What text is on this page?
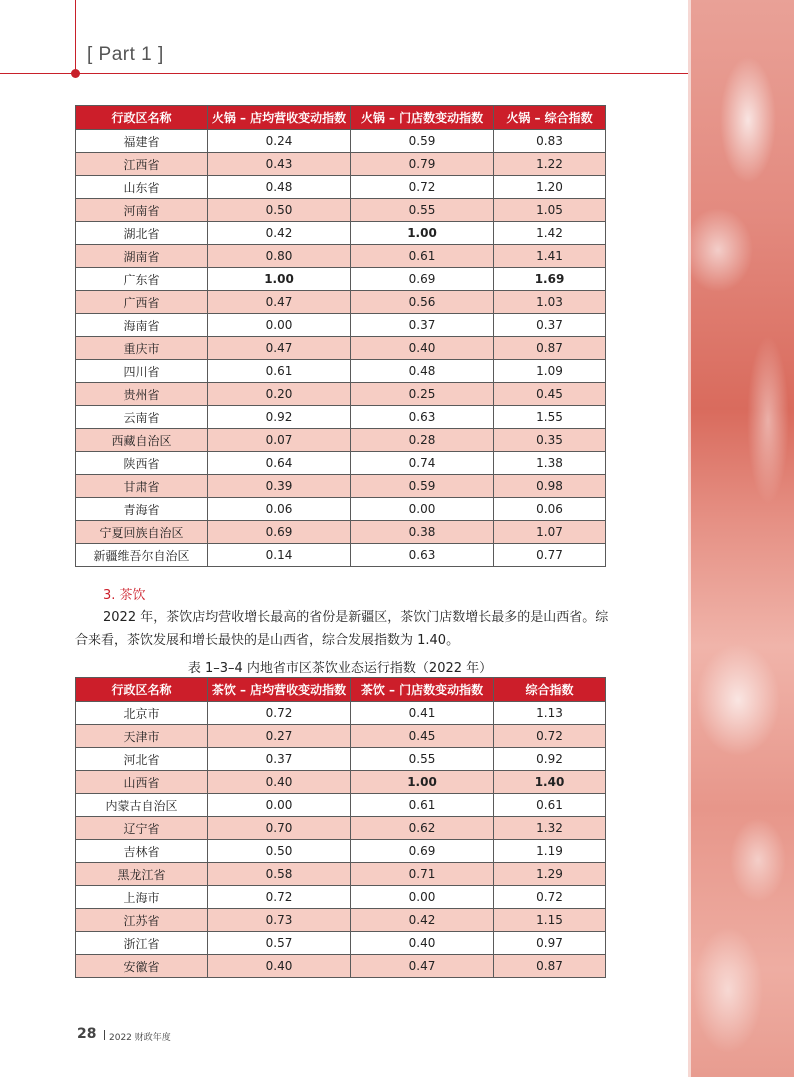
[ Part 1 ]
行政区名称	火锅 – 店均营收变动指数	火锅 – 门店数变动指数	火锅 – 综合指数
福建省	0.24	0.59	0.83
江西省	0.43	0.79	1.22
山东省	0.48	0.72	1.20
河南省	0.50	0.55	1.05
湖北省	0.42	1.00	1.42
湖南省	0.80	0.61	1.41
广东省	1.00	0.69	1.69
广西省	0.47	0.56	1.03
海南省	0.00	0.37	0.37
重庆市	0.47	0.40	0.87
四川省	0.61	0.48	1.09
贵州省	0.20	0.25	0.45
云南省	0.92	0.63	1.55
西藏自治区	0.07	0.28	0.35
陕西省	0.64	0.74	1.38
甘肃省	0.39	0.59	0.98
青海省	0.06	0.00	0.06
宁夏回族自治区	0.69	0.38	1.07
新疆维吾尔自治区	0.14	0.63	0.77
3. 茶饮
2022 年，茶饮店均营收增长最高的省份是新疆区，茶饮门店数增长最多的是山西省。综合来看，茶饮发展和增长最快的是山西省，综合发展指数为 1.40。
表 1–3–4 内地省市区茶饮业态运行指数（2022 年）
行政区名称	茶饮 – 店均营收变动指数	茶饮 – 门店数变动指数	综合指数
北京市	0.72	0.41	1.13
天津市	0.27	0.45	0.72
河北省	0.37	0.55	0.92
山西省	0.40	1.00	1.40
内蒙古自治区	0.00	0.61	0.61
辽宁省	0.70	0.62	1.32
吉林省	0.50	0.69	1.19
黑龙江省	0.58	0.71	1.29
上海市	0.72	0.00	0.72
江苏省	0.73	0.42	1.15
浙江省	0.57	0.40	0.97
安徽省	0.40	0.47	0.87
28 2022 财政年度
